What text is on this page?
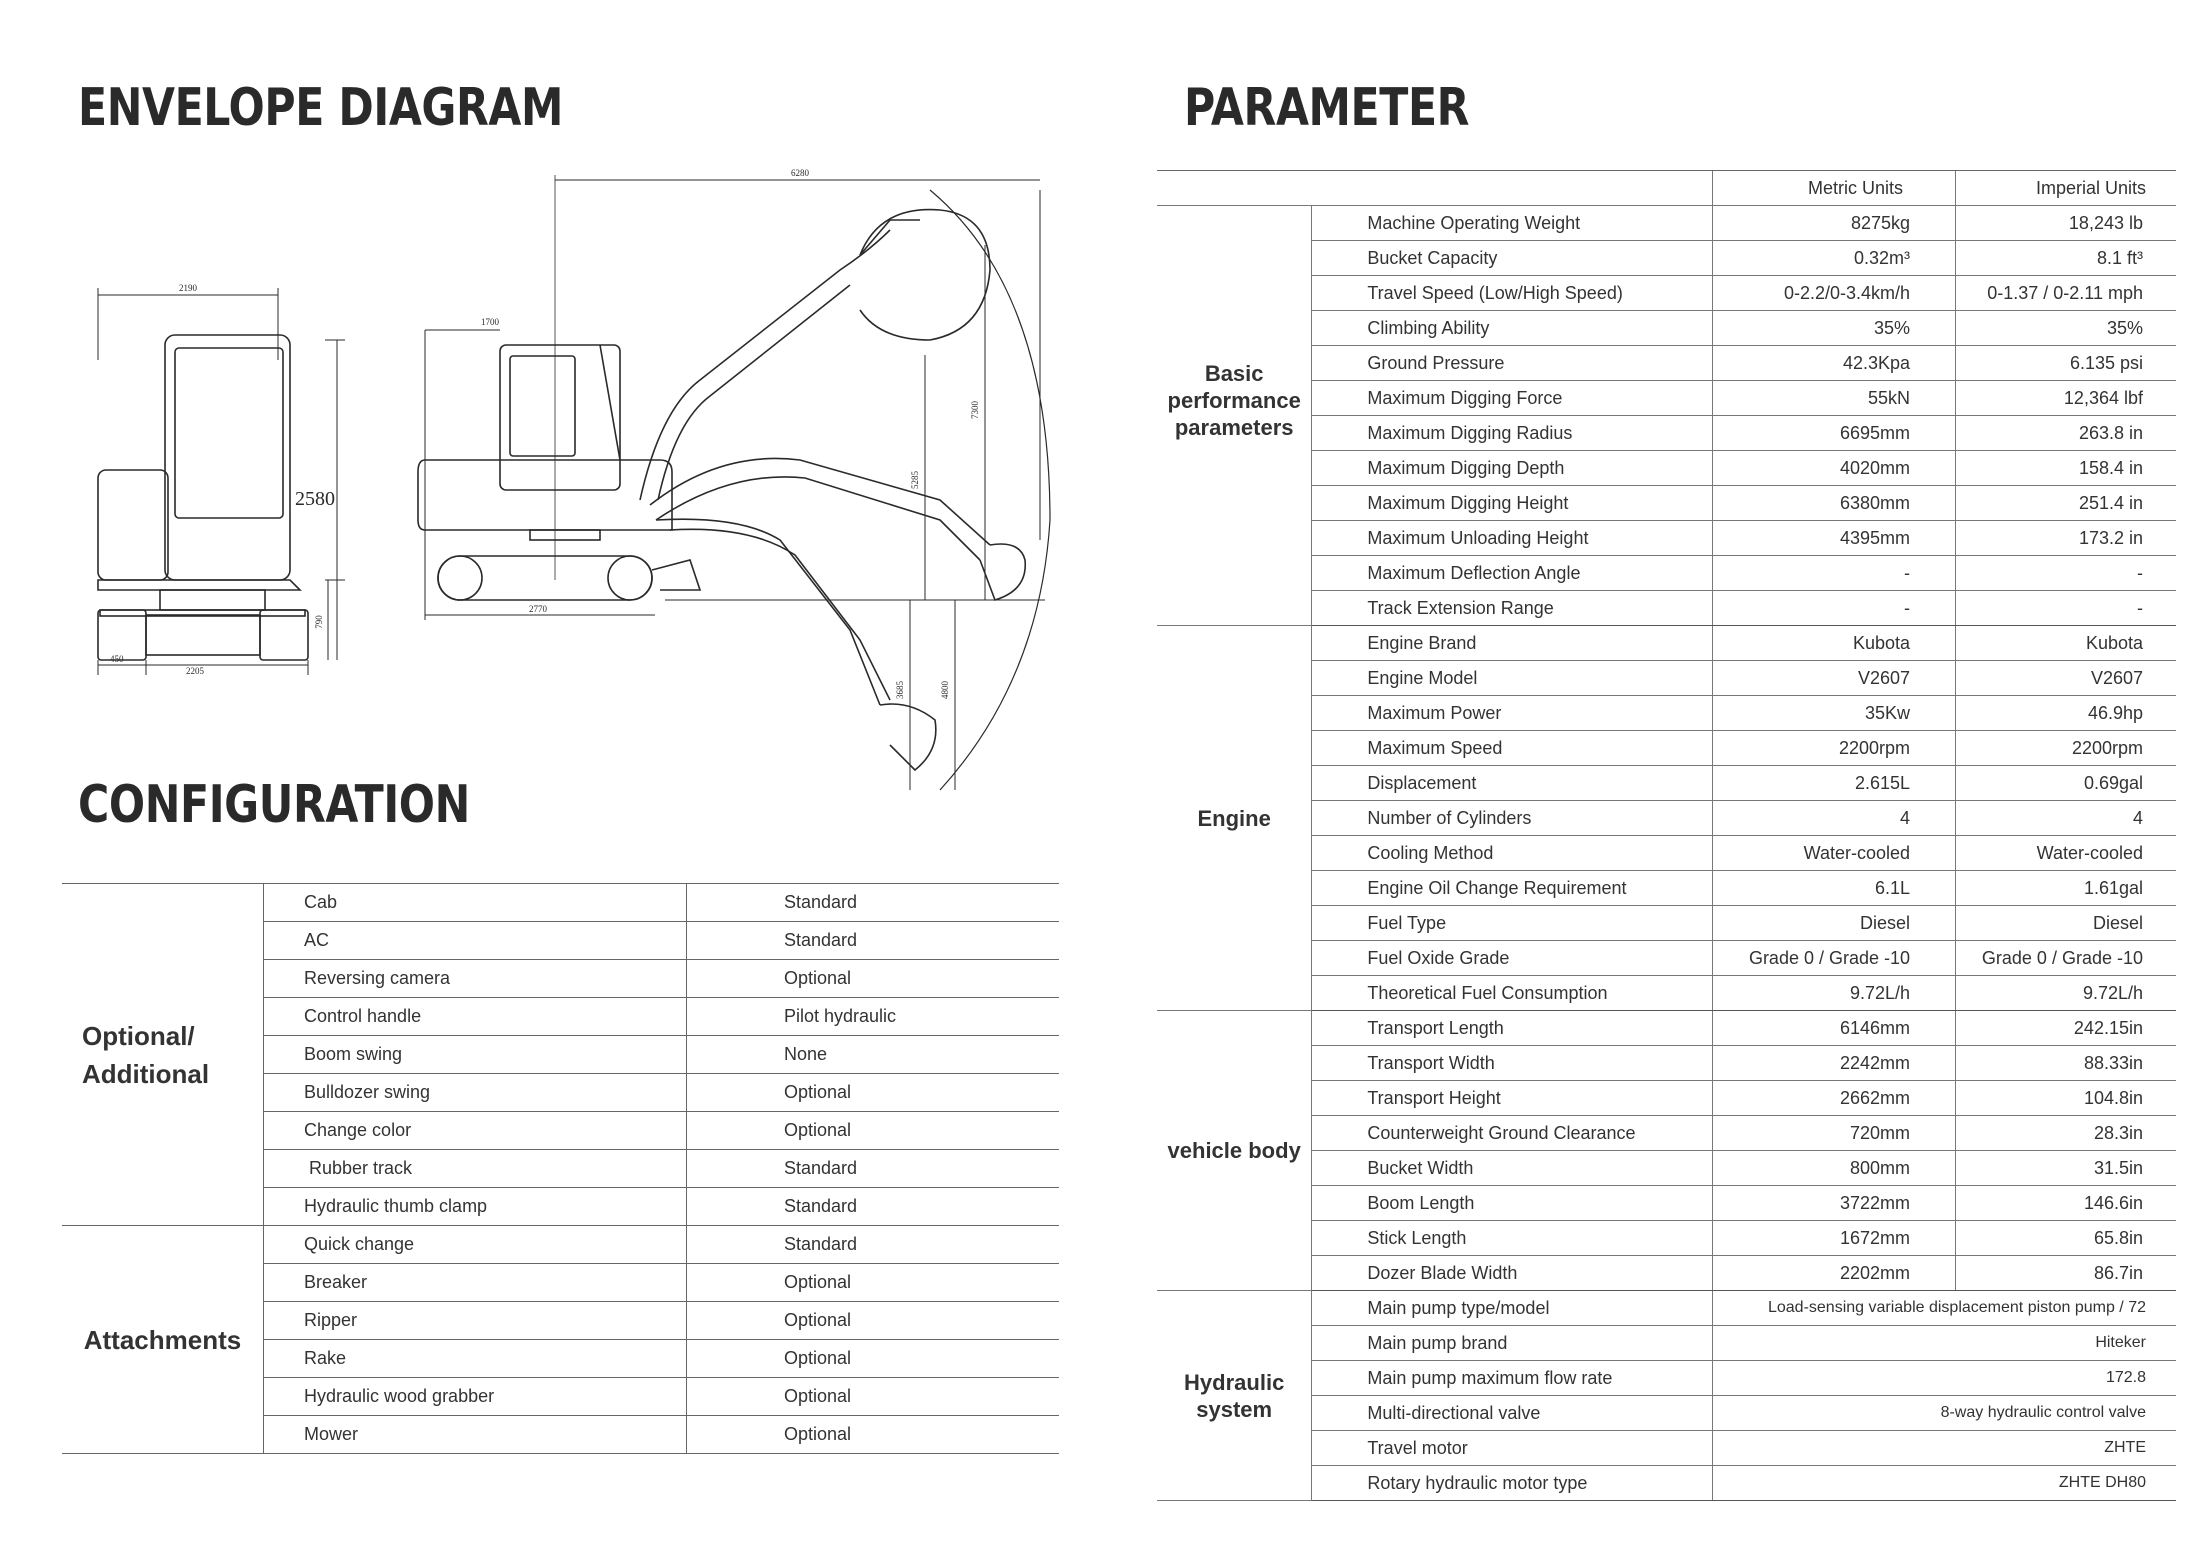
ENVELOPE DIAGRAM
CONFIGURATION
PARAMETER
2190
2580
790
450
2205
1700
2770
6280
7300
5285
4800
3685
Optional/ Additional	Cab	Standard
	AC	Standard
	Reversing camera	Optional
	Control handle	Pilot hydraulic
	Boom swing	None
	Bulldozer swing	Optional
	Change color	Optional
	Rubber track	Standard
	Hydraulic thumb clamp	Standard
Attachments	Quick change	Standard
	Breaker	Optional
	Ripper	Optional
	Rake	Optional
	Hydraulic wood grabber	Optional
	Mower	Optional
		Metric Units	Imperial Units
Basic performance parameters	Machine Operating Weight	8275kg	18,243 lb
	Bucket Capacity	0.32m³	8.1 ft³
	Travel Speed (Low/High Speed)	0-2.2/0-3.4km/h	0-1.37 / 0-2.11 mph
	Climbing Ability	35%	35%
	Ground Pressure	42.3Kpa	6.135 psi
	Maximum Digging Force	55kN	12,364 lbf
	Maximum Digging Radius	6695mm	263.8 in
	Maximum Digging Depth	4020mm	158.4 in
	Maximum Digging Height	6380mm	251.4 in
	Maximum Unloading Height	4395mm	173.2 in
	Maximum Deflection Angle	-	-
	Track Extension Range	-	-
Engine	Engine Brand	Kubota	Kubota
	Engine Model	V2607	V2607
	Maximum Power	35Kw	46.9hp
	Maximum Speed	2200rpm	2200rpm
	Displacement	2.615L	0.69gal
	Number of Cylinders	4	4
	Cooling Method	Water-cooled	Water-cooled
	Engine Oil Change Requirement	6.1L	1.61gal
	Fuel Type	Diesel	Diesel
	Fuel Oxide Grade	Grade 0 / Grade -10	Grade 0 / Grade -10
	Theoretical Fuel Consumption	9.72L/h	9.72L/h
vehicle body	Transport Length	6146mm	242.15in
	Transport Width	2242mm	88.33in
	Transport Height	2662mm	104.8in
	Counterweight Ground Clearance	720mm	28.3in
	Bucket Width	800mm	31.5in
	Boom Length	3722mm	146.6in
	Stick Length	1672mm	65.8in
	Dozer Blade Width	2202mm	86.7in
Hydraulic system	Main pump type/model	Load-sensing variable displacement piston pump / 72	
	Main pump brand	Hiteker	
	Main pump maximum flow rate	172.8	
	Multi-directional valve	8-way hydraulic control valve	
	Travel motor	ZHTE	
	Rotary hydraulic motor type	ZHTE DH80	
